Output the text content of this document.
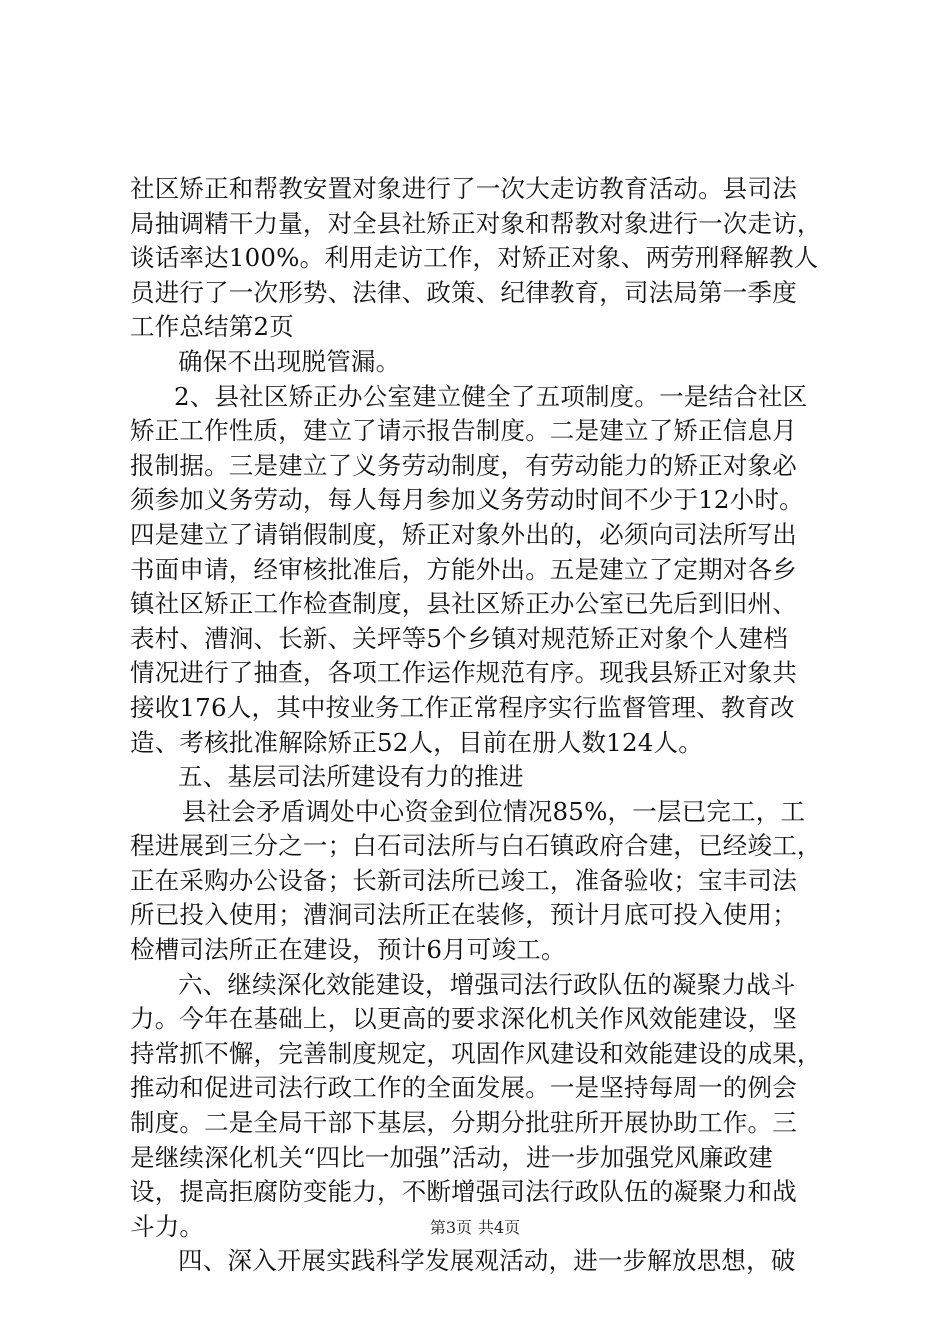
社区矫正和帮教安置对象进行了一次大走访教育活动。县司法
局抽调精干力量，对全县社矫正对象和帮教对象进行一次走访，
谈话率达100%。利用走访工作，对矫正对象、两劳刑释解教人
员进行了一次形势、法律、政策、纪律教育，司法局第一季度
工作总结第2页
确保不出现脱管漏。
2、县社区矫正办公室建立健全了五项制度。一是结合社区
矫正工作性质，建立了请示报告制度。二是建立了矫正信息月
报制据。三是建立了义务劳动制度，有劳动能力的矫正对象必
须参加义务劳动，每人每月参加义务劳动时间不少于12小时。
四是建立了请销假制度，矫正对象外出的，必须向司法所写出
书面申请，经审核批准后，方能外出。五是建立了定期对各乡
镇社区矫正工作检查制度，县社区矫正办公室已先后到旧州、
表村、漕涧、长新、关坪等5个乡镇对规范矫正对象个人建档
情况进行了抽查，各项工作运作规范有序。现我县矫正对象共
接收176人，其中按业务工作正常程序实行监督管理、教育改
造、考核批准解除矫正52人，目前在册人数124人。
五、基层司法所建设有力的推进
县社会矛盾调处中心资金到位情况85%，一层已完工，工
程进展到三分之一；白石司法所与白石镇政府合建，已经竣工，
正在采购办公设备；长新司法所已竣工，准备验收；宝丰司法
所已投入使用；漕涧司法所正在装修，预计月底可投入使用；
检槽司法所正在建设，预计6月可竣工。
六、继续深化效能建设，增强司法行政队伍的凝聚力战斗
力。今年在基础上，以更高的要求深化机关作风效能建设，坚
持常抓不懈，完善制度规定，巩固作风建设和效能建设的成果，
推动和促进司法行政工作的全面发展。一是坚持每周一的例会
制度。二是全局干部下基层，分期分批驻所开展协助工作。三
是继续深化机关“四比一加强”活动，进一步加强党风廉政建
设，提高拒腐防变能力，不断增强司法行政队伍的凝聚力和战
斗力。
四、深入开展实践科学发展观活动，进一步解放思想，破
第3页 共4页
